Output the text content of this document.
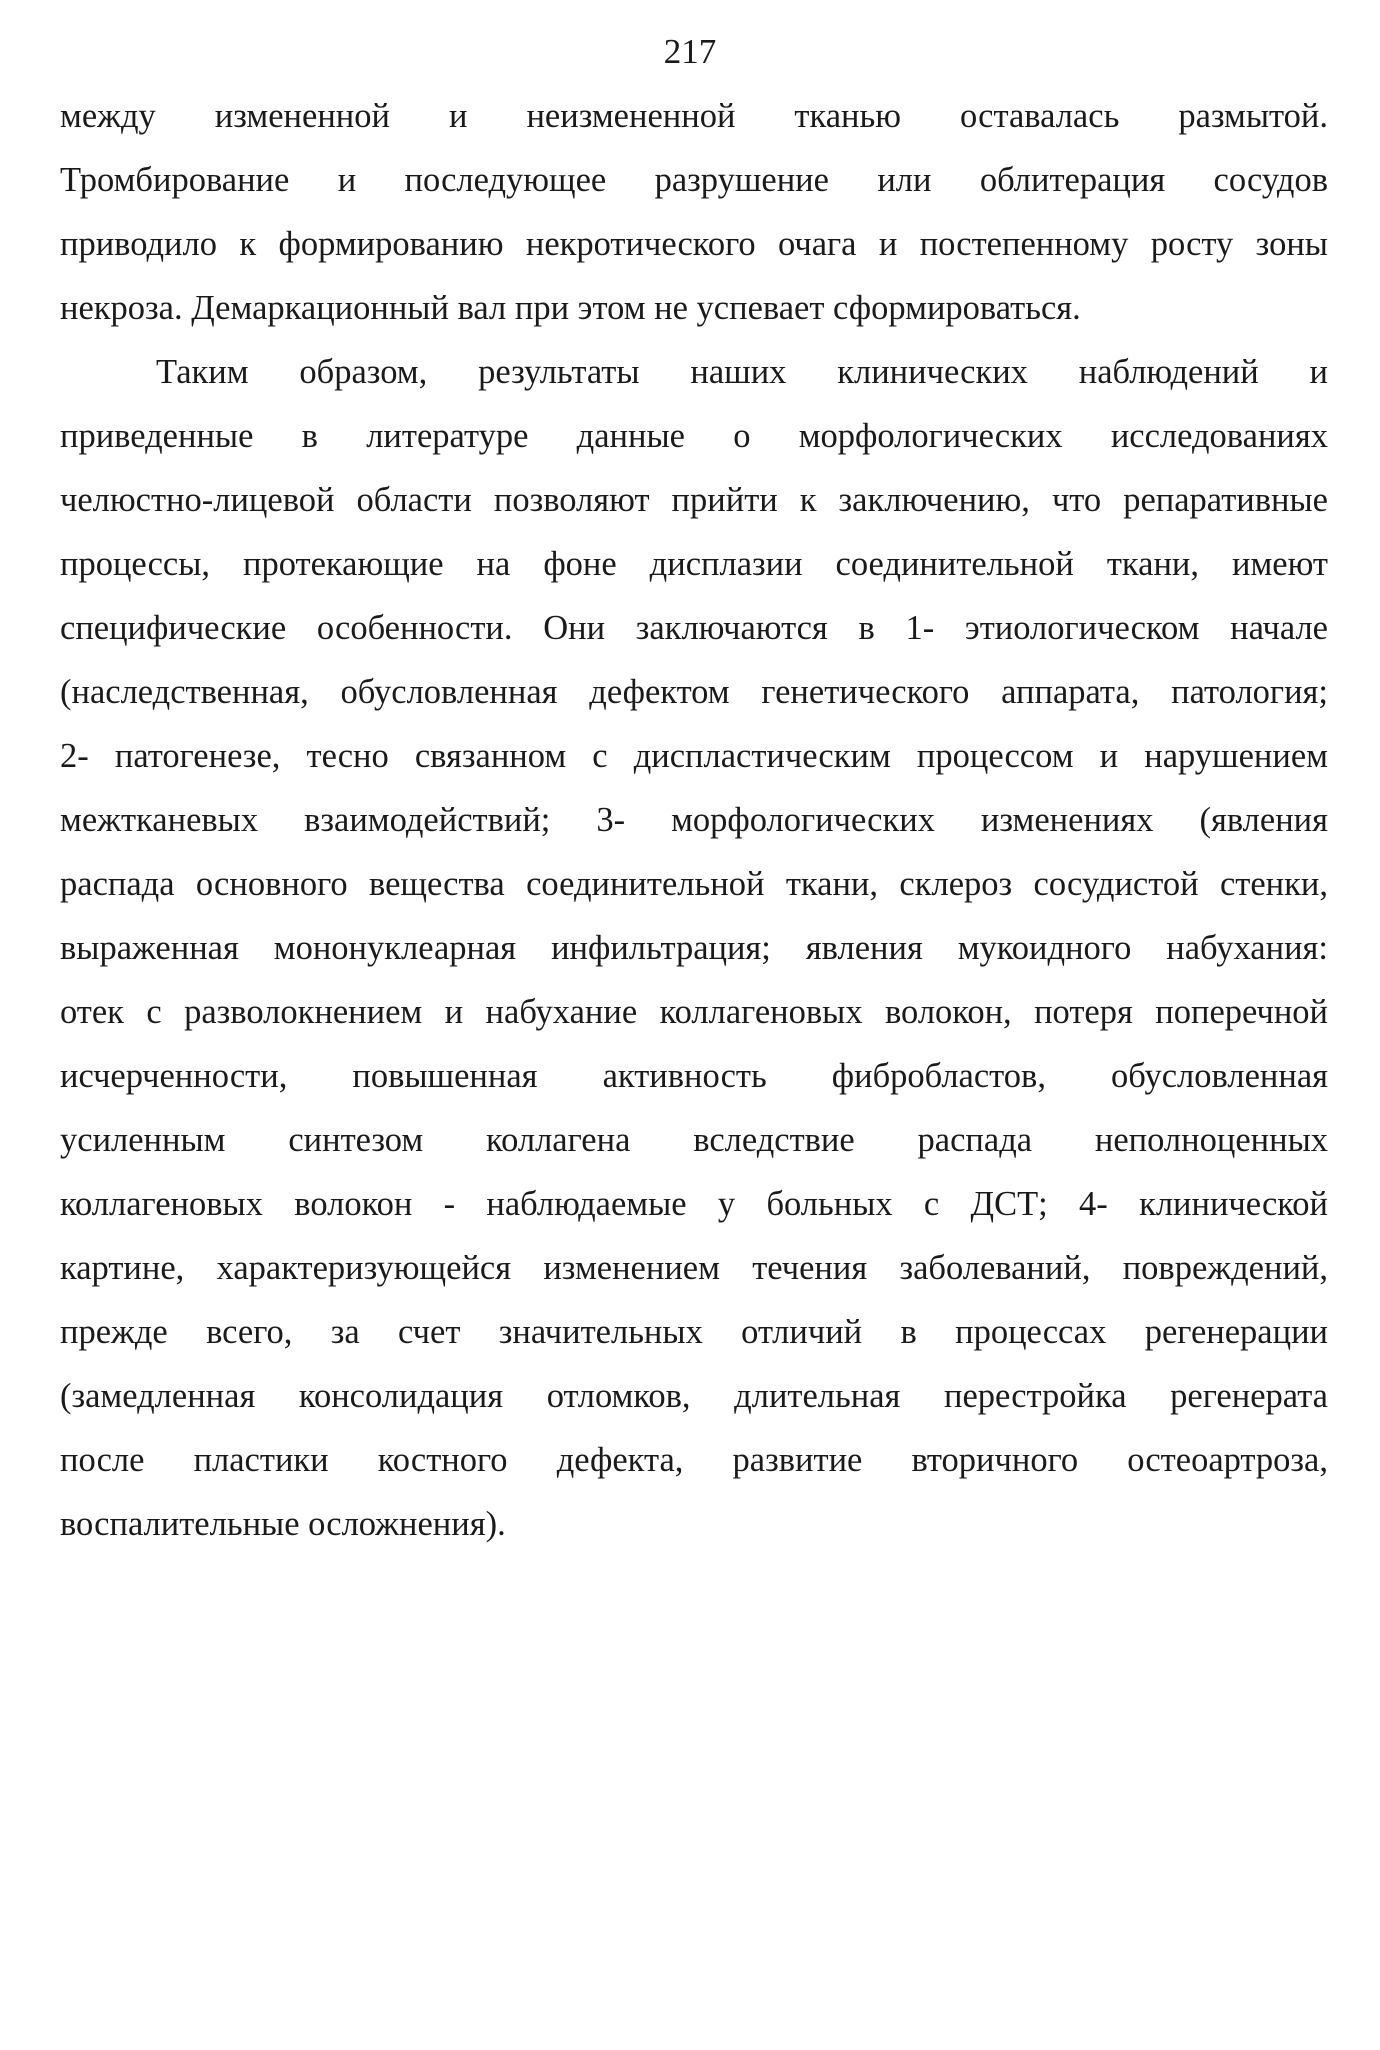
217
между измененной и неизмененной тканью оставалась размытой.
Тромбирование и последующее разрушение или облитерация сосудов
приводило к формированию некротического очага и постепенному росту зоны
некроза. Демаркационный вал при этом не успевает сформироваться.
Таким образом, результаты наших клинических наблюдений и
приведенные в литературе данные о морфологических исследованиях
челюстно-лицевой области позволяют прийти к заключению, что репаративные
процессы, протекающие на фоне дисплазии соединительной ткани, имеют
специфические особенности. Они заключаются в 1- этиологическом начале
(наследственная, обусловленная дефектом генетического аппарата, патология;
2- патогенезе, тесно связанном с диспластическим процессом и нарушением
межтканевых взаимодействий; 3- морфологических изменениях (явления
распада основного вещества соединительной ткани, склероз сосудистой стенки,
выраженная мононуклеарная инфильтрация; явления мукоидного набухания:
отек с разволокнением и набухание коллагеновых волокон, потеря поперечной
исчерченности, повышенная активность фибробластов, обусловленная
усиленным синтезом коллагена вследствие распада неполноценных
коллагеновых волокон - наблюдаемые у больных с ДСТ; 4- клинической
картине, характеризующейся изменением течения заболеваний, повреждений,
прежде всего, за счет значительных отличий в процессах регенерации
(замедленная консолидация отломков, длительная перестройка регенерата
после пластики костного дефекта, развитие вторичного остеоартроза,
воспалительные осложнения).
